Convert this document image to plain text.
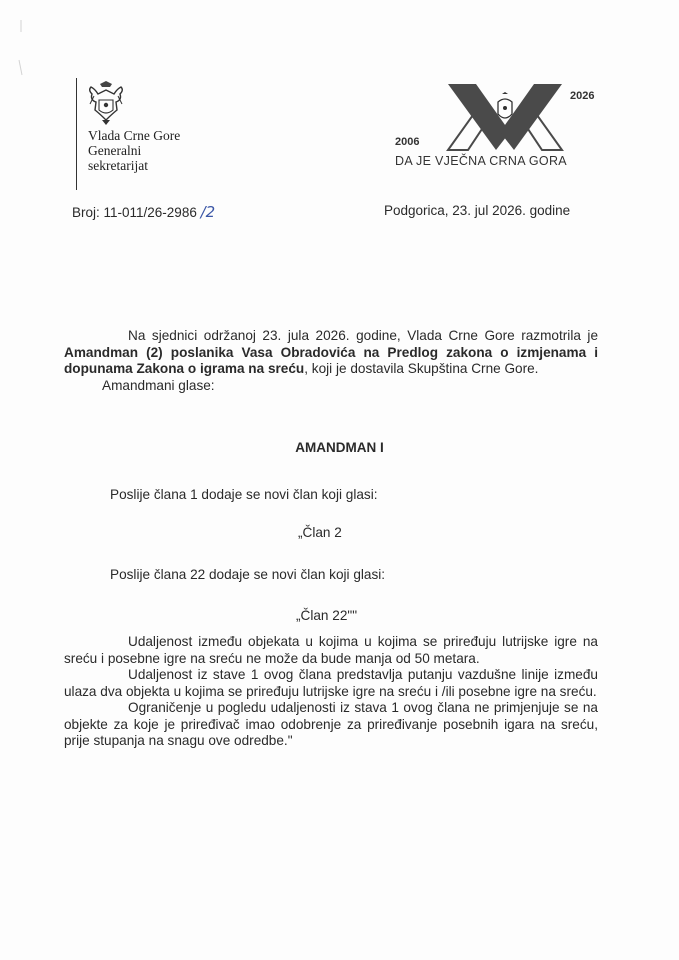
Vlada Crne Gore
Generalni
sekretarijat
2026
2006
DA JE VJEČNA CRNA GORA
Broj: 11-011/26-2986 /2	Podgorica, 23. jul 2026. godine
Na sjednici održanoj 23. jula 2026. godine, Vlada Crne Gore razmotrila je Amandman (2) poslanika Vasa Obradovića na Predlog zakona o izmjenama i dopunama Zakona o igrama na sreću, koji je dostavila Skupština Crne Gore.
Amandmani glase:
AMANDMAN I
Poslije člana 1 dodaje se novi član koji glasi:
„Član 2
Poslije člana 22 dodaje se novi član koji glasi:
„Član 22""
Udaljenost između objekata u kojima u kojima se priređuju lutrijske igre na sreću i posebne igre na sreću ne može da bude manja od 50 metara.
Udaljenost iz stave 1 ovog člana predstavlja putanju vazdušne linije između ulaza dva objekta u kojima se priređuju lutrijske igre na sreću i /ili posebne igre na sreću.
Ograničenje u pogledu udaljenosti iz stava 1 ovog člana ne primjenjuje se na objekte za koje je priređivač imao odobrenje za priređivanje posebnih igara na sreću, prije stupanja na snagu ove odredbe."
